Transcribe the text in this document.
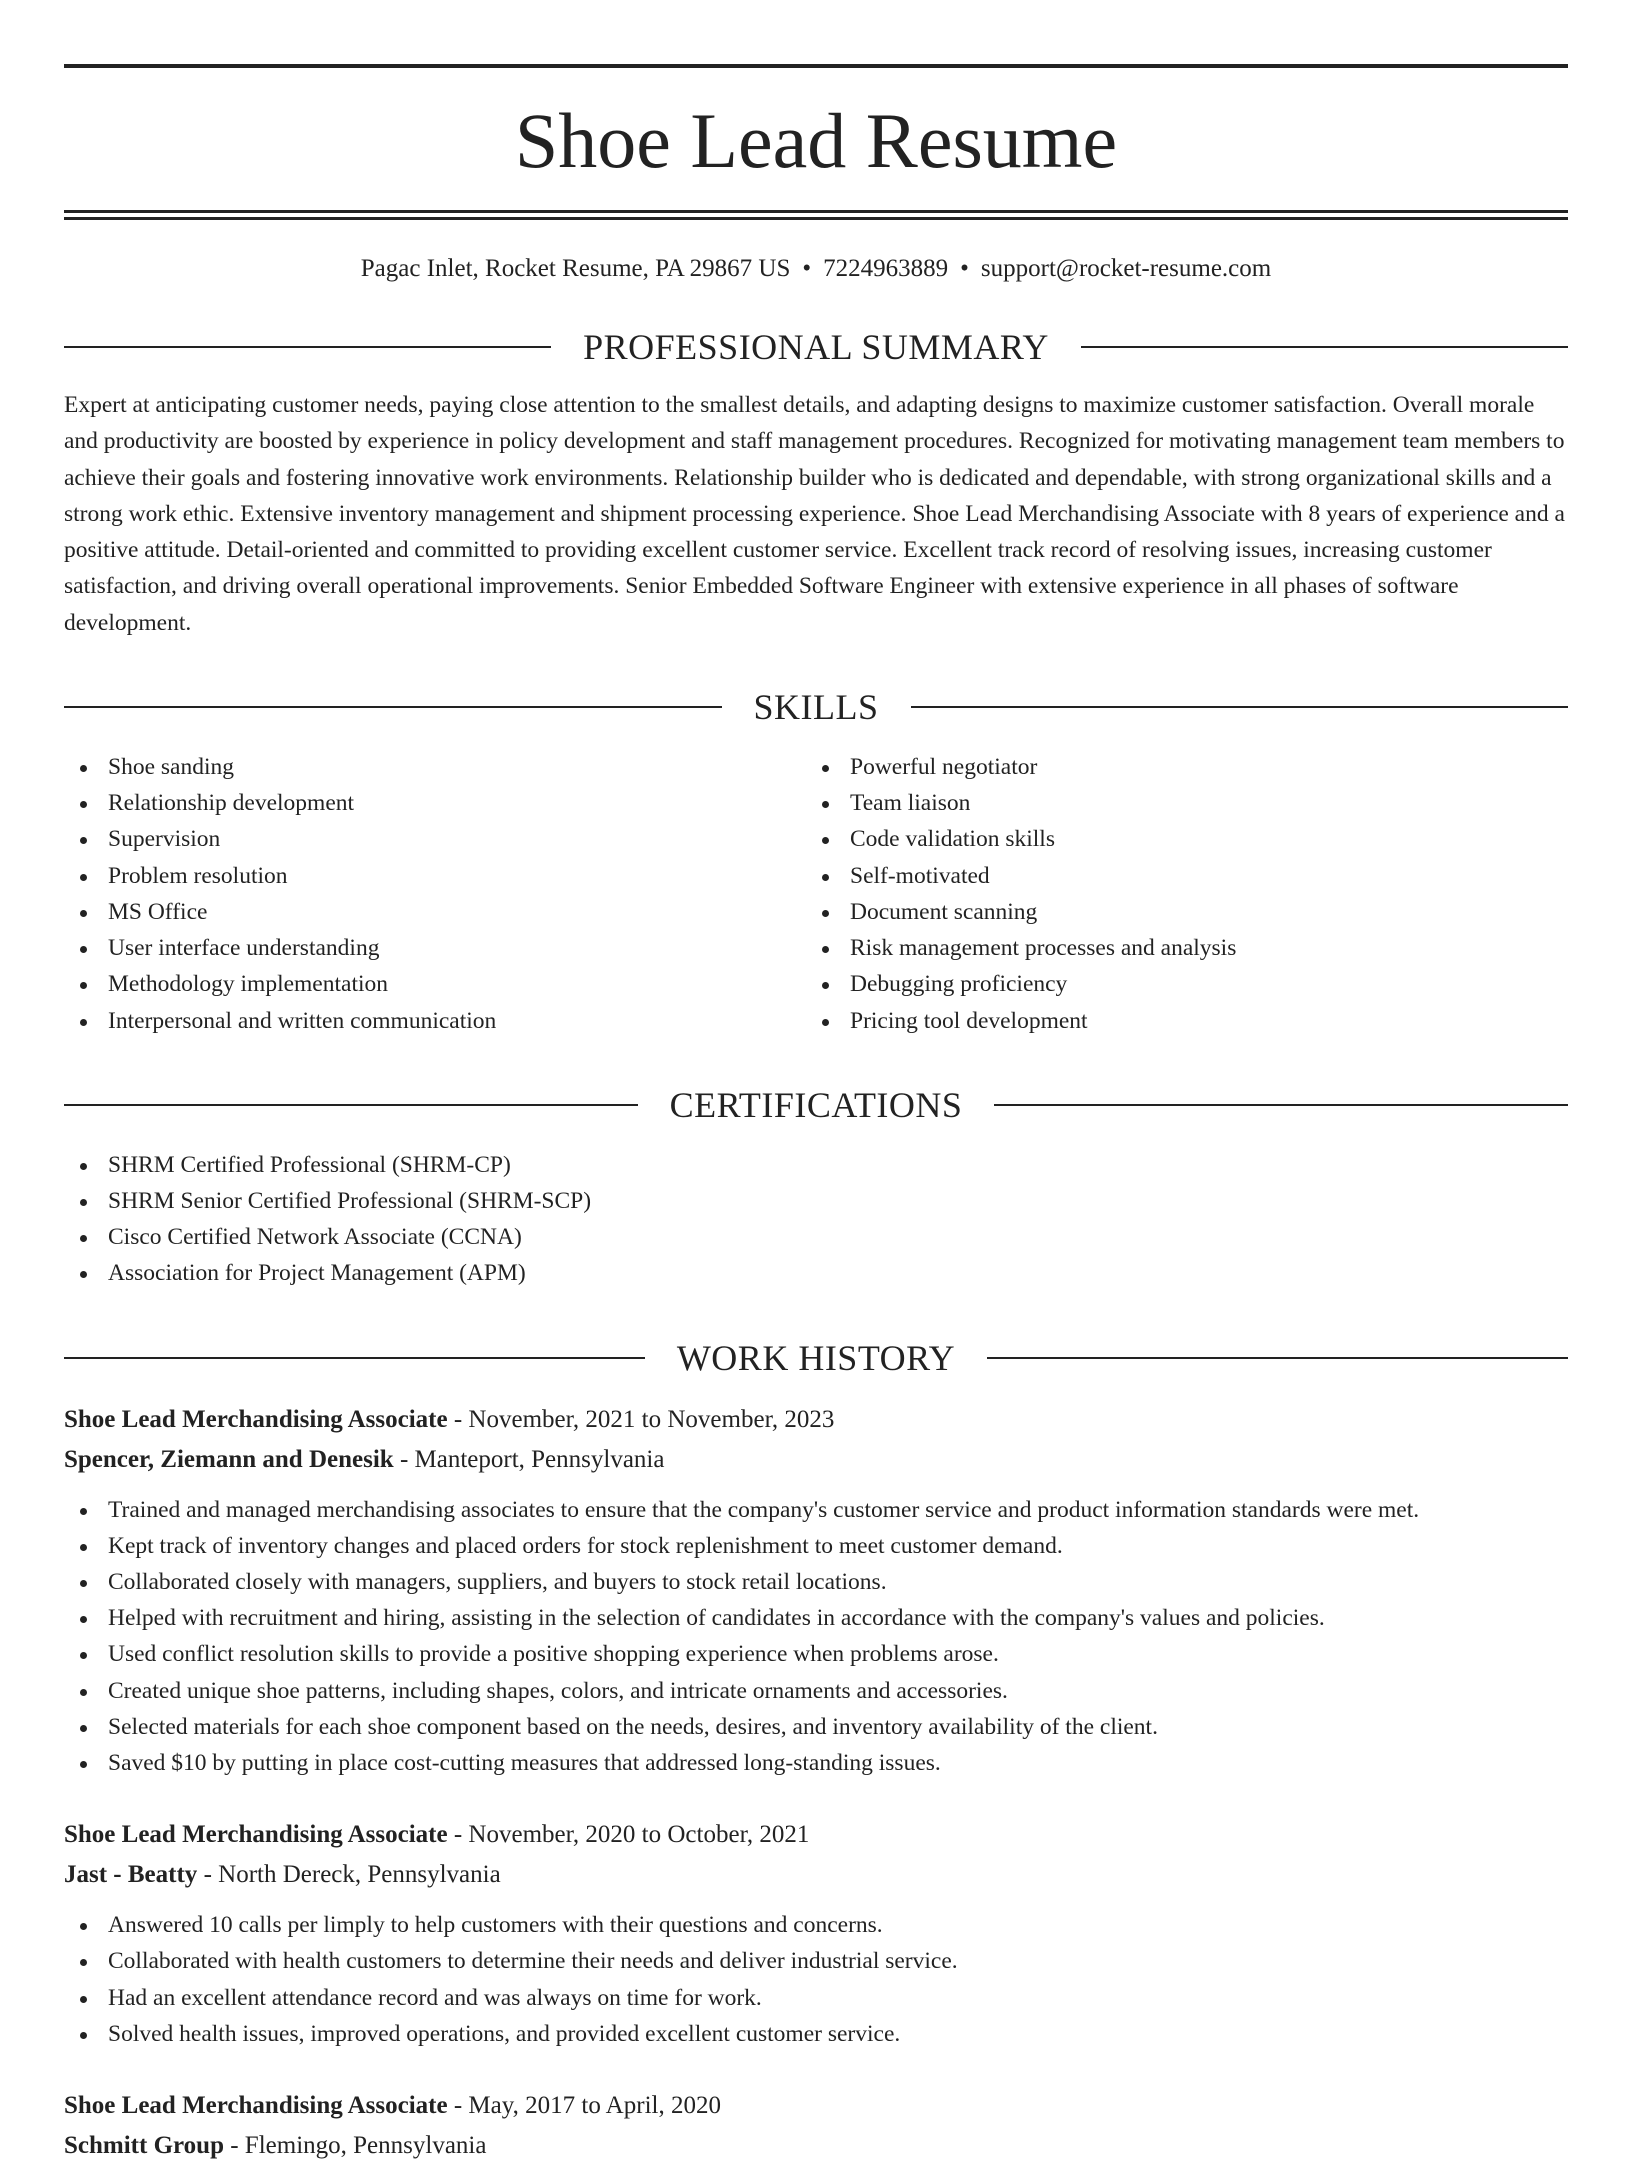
Shoe Lead Resume
Pagac Inlet, Rocket Resume, PA 29867 US • 7224963889 • support@rocket-resume.com
PROFESSIONAL SUMMARY
Expert at anticipating customer needs, paying close attention to the smallest details, and adapting designs to maximize customer satisfaction. Overall morale and productivity are boosted by experience in policy development and staff management procedures. Recognized for motivating management team members to achieve their goals and fostering innovative work environments. Relationship builder who is dedicated and dependable, with strong organizational skills and a strong work ethic. Extensive inventory management and shipment processing experience. Shoe Lead Merchandising Associate with 8 years of experience and a positive attitude. Detail-oriented and committed to providing excellent customer service. Excellent track record of resolving issues, increasing customer satisfaction, and driving overall operational improvements. Senior Embedded Software Engineer with extensive experience in all phases of software development.
SKILLS
Shoe sanding
Relationship development
Supervision
Problem resolution
MS Office
User interface understanding
Methodology implementation
Interpersonal and written communication
Powerful negotiator
Team liaison
Code validation skills
Self-motivated
Document scanning
Risk management processes and analysis
Debugging proficiency
Pricing tool development
CERTIFICATIONS
SHRM Certified Professional (SHRM-CP)
SHRM Senior Certified Professional (SHRM-SCP)
Cisco Certified Network Associate (CCNA)
Association for Project Management (APM)
WORK HISTORY
Shoe Lead Merchandising Associate - November, 2021 to November, 2023
Spencer, Ziemann and Denesik - Manteport, Pennsylvania
Trained and managed merchandising associates to ensure that the company's customer service and product information standards were met.
Kept track of inventory changes and placed orders for stock replenishment to meet customer demand.
Collaborated closely with managers, suppliers, and buyers to stock retail locations.
Helped with recruitment and hiring, assisting in the selection of candidates in accordance with the company's values and policies.
Used conflict resolution skills to provide a positive shopping experience when problems arose.
Created unique shoe patterns, including shapes, colors, and intricate ornaments and accessories.
Selected materials for each shoe component based on the needs, desires, and inventory availability of the client.
Saved $10 by putting in place cost-cutting measures that addressed long-standing issues.
Shoe Lead Merchandising Associate - November, 2020 to October, 2021
Jast - Beatty - North Dereck, Pennsylvania
Answered 10 calls per limply to help customers with their questions and concerns.
Collaborated with health customers to determine their needs and deliver industrial service.
Had an excellent attendance record and was always on time for work.
Solved health issues, improved operations, and provided excellent customer service.
Shoe Lead Merchandising Associate - May, 2017 to April, 2020
Schmitt Group - Flemingo, Pennsylvania
